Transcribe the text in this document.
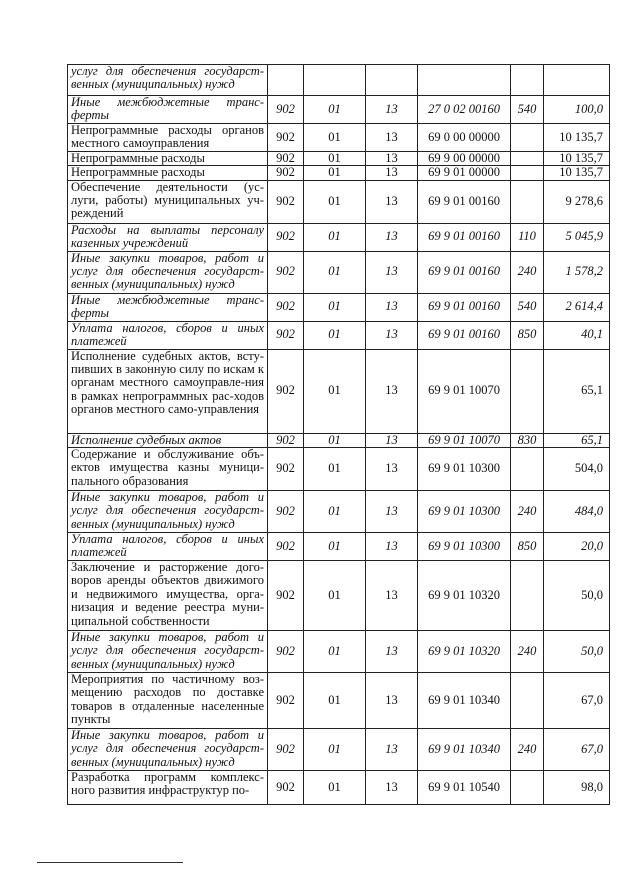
услуг для обеспечения государст-венных (муниципальных) нужд						
Иные межбюджетные транс-ферты	902	01	13	27 0 02 00160	540	100,0
Непрограммные расходы органов местного самоуправления	902	01	13	69 0 00 00000		10 135,7
Непрограммные расходы	902	01	13	69 9 00 00000		10 135,7
Непрограммные расходы	902	01	13	69 9 01 00000		10 135,7
Обеспечение деятельности (ус-луги, работы) муниципальных уч-реждений	902	01	13	69 9 01 00160		9 278,6
Расходы на выплаты персоналу казенных учреждений	902	01	13	69 9 01 00160	110	5 045,9
Иные закупки товаров, работ и услуг для обеспечения государст-венных (муниципальных) нужд	902	01	13	69 9 01 00160	240	1 578,2
Иные межбюджетные транс-ферты	902	01	13	69 9 01 00160	540	2 614,4
Уплата налогов, сборов и иных платежей	902	01	13	69 9 01 00160	850	40,1
Исполнение судебных актов, всту-пивших в законную силу по искам к органам местного самоуправле-ния в рамках непрограммных рас-ходов органов местного само-управления	902	01	13	69 9 01 10070		65,1
Исполнение судебных актов	902	01	13	69 9 01 10070	830	65,1
Содержание и обслуживание объ-ектов имущества казны муници-пального образования	902	01	13	69 9 01 10300		504,0
Иные закупки товаров, работ и услуг для обеспечения государст-венных (муниципальных) нужд	902	01	13	69 9 01 10300	240	484,0
Уплата налогов, сборов и иных платежей	902	01	13	69 9 01 10300	850	20,0
Заключение и расторжение дого-воров аренды объектов движимого и недвижимого имущества, орга-низация и ведение реестра муни-ципальной собственности	902	01	13	69 9 01 10320		50,0
Иные закупки товаров, работ и услуг для обеспечения государст-венных (муниципальных) нужд	902	01	13	69 9 01 10320	240	50,0
Мероприятия по частичному воз-мещению расходов по доставке товаров в отдаленные населенные пункты	902	01	13	69 9 01 10340		67,0
Иные закупки товаров, работ и услуг для обеспечения государст-венных (муниципальных) нужд	902	01	13	69 9 01 10340	240	67,0
Разработка программ комплекс-ного развития инфраструктур по-	902	01	13	69 9 01 10540		98,0
